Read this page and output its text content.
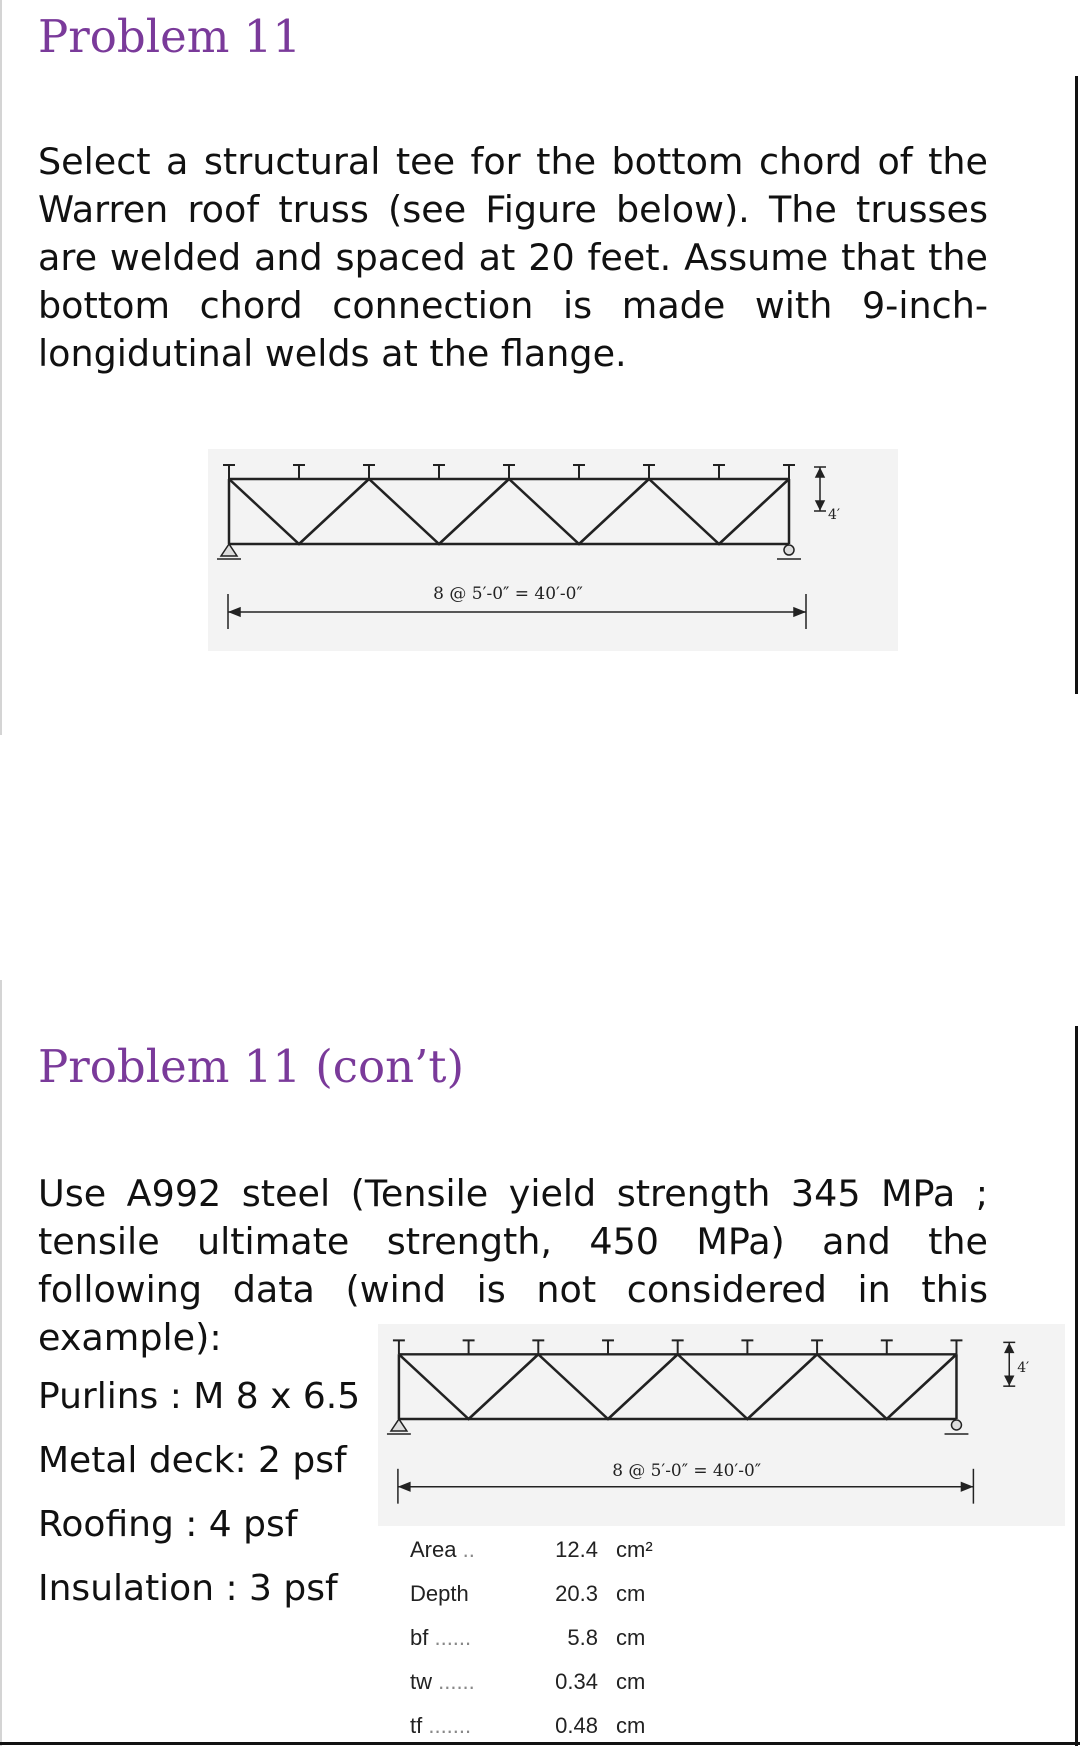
Problem 11

Select a structural tee for the bottom chord of the Warren roof truss (see Figure below). The trusses are welded and spaced at 20 feet. Assume that the bottom chord connection is made with 9-inch-longidutinal welds at the flange.

4′
8 @ 5′-0″ = 40′-0″
Problem 11 (con’t)

Use A992 steel (Tensile yield strength 345 MPa ; tensile ultimate strength, 450 MPa) and the following data (wind is not considered in this example):

Purlins : M 8 x 6.5
Metal deck: 2 psf
Roofing : 4 psf
Insulation : 3 psf
4′
8 @ 5′-0″ = 40′-0″
Area ..	12.4	cm²
Depth	20.3	cm
bf ......	5.8	cm
tw ......	0.34	cm
tf .......	0.48	cm
